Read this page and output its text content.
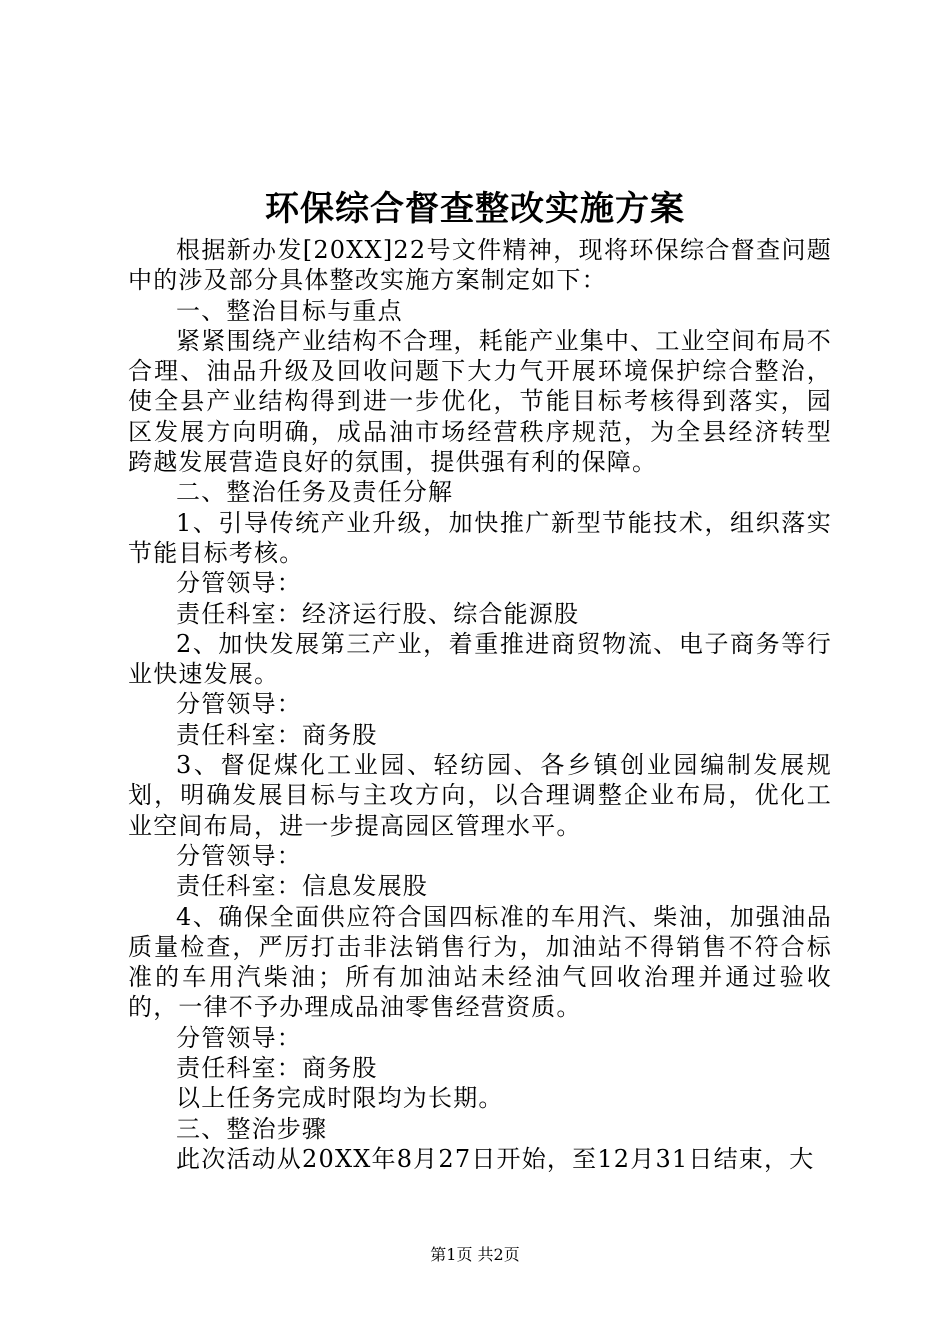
环保综合督查整改实施方案

根据新办发[20XX]22号文件精神，现将环保综合督查问题中的涉及部分具体整改实施方案制定如下：

一、整治目标与重点

紧紧围绕产业结构不合理，耗能产业集中、工业空间布局不合理、油品升级及回收问题下大力气开展环境保护综合整治，使全县产业结构得到进一步优化，节能目标考核得到落实，园区发展方向明确，成品油市场经营秩序规范，为全县经济转型跨越发展营造良好的氛围，提供强有利的保障。

二、整治任务及责任分解

1、引导传统产业升级，加快推广新型节能技术，组织落实节能目标考核。

分管领导：

责任科室：经济运行股、综合能源股

2、加快发展第三产业，着重推进商贸物流、电子商务等行业快速发展。

分管领导：

责任科室：商务股

3、督促煤化工业园、轻纺园、各乡镇创业园编制发展规划，明确发展目标与主攻方向，以合理调整企业布局，优化工业空间布局，进一步提高园区管理水平。

分管领导：

责任科室：信息发展股

4、确保全面供应符合国四标准的车用汽、柴油，加强油品质量检查，严厉打击非法销售行为，加油站不得销售不符合标准的车用汽柴油；所有加油站未经油气回收治理并通过验收的，一律不予办理成品油零售经营资质。

分管领导：

责任科室：商务股

以上任务完成时限均为长期。

三、整治步骤

此次活动从20XX年8月27日开始，至12月31日结束，大

第1页 共2页
